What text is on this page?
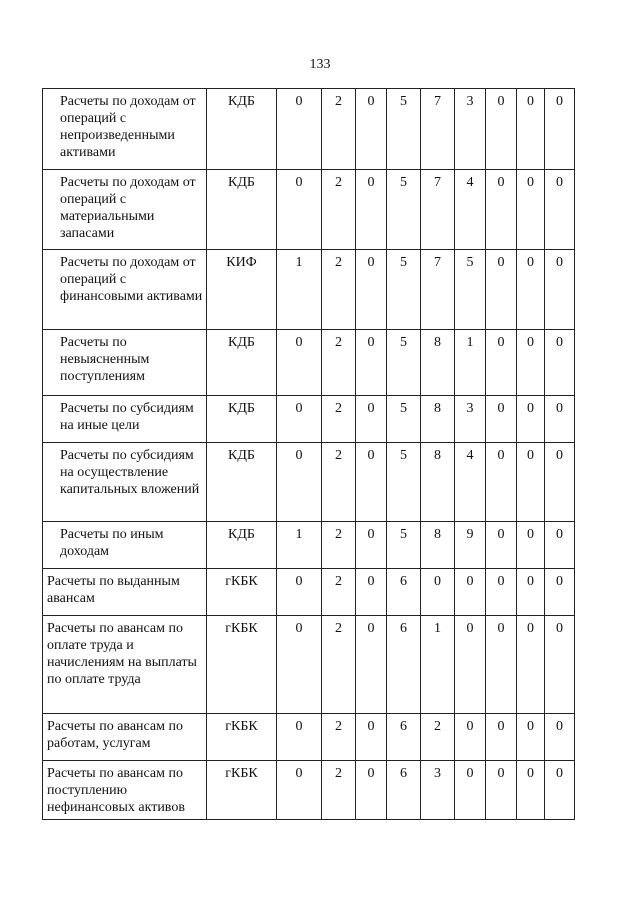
133
Расчеты по доходам от операций с непроизведенными активами	КДБ	0	2	0	5	7	3	0	0	0
Расчеты по доходам от операций с материальными запасами	КДБ	0	2	0	5	7	4	0	0	0
Расчеты по доходам от операций с финансовыми активами	КИФ	1	2	0	5	7	5	0	0	0
Расчеты по невыясненным поступлениям	КДБ	0	2	0	5	8	1	0	0	0
Расчеты по субсидиям на иные цели	КДБ	0	2	0	5	8	3	0	0	0
Расчеты по субсидиям на осуществление капитальных вложений	КДБ	0	2	0	5	8	4	0	0	0
Расчеты по иным доходам	КДБ	1	2	0	5	8	9	0	0	0
Расчеты по выданным авансам	гКБК	0	2	0	6	0	0	0	0	0
Расчеты по авансам по оплате труда и начислениям на выплаты по оплате труда	гКБК	0	2	0	6	1	0	0	0	0
Расчеты по авансам по работам, услугам	гКБК	0	2	0	6	2	0	0	0	0
Расчеты по авансам по поступлению нефинансовых активов	гКБК	0	2	0	6	3	0	0	0	0
